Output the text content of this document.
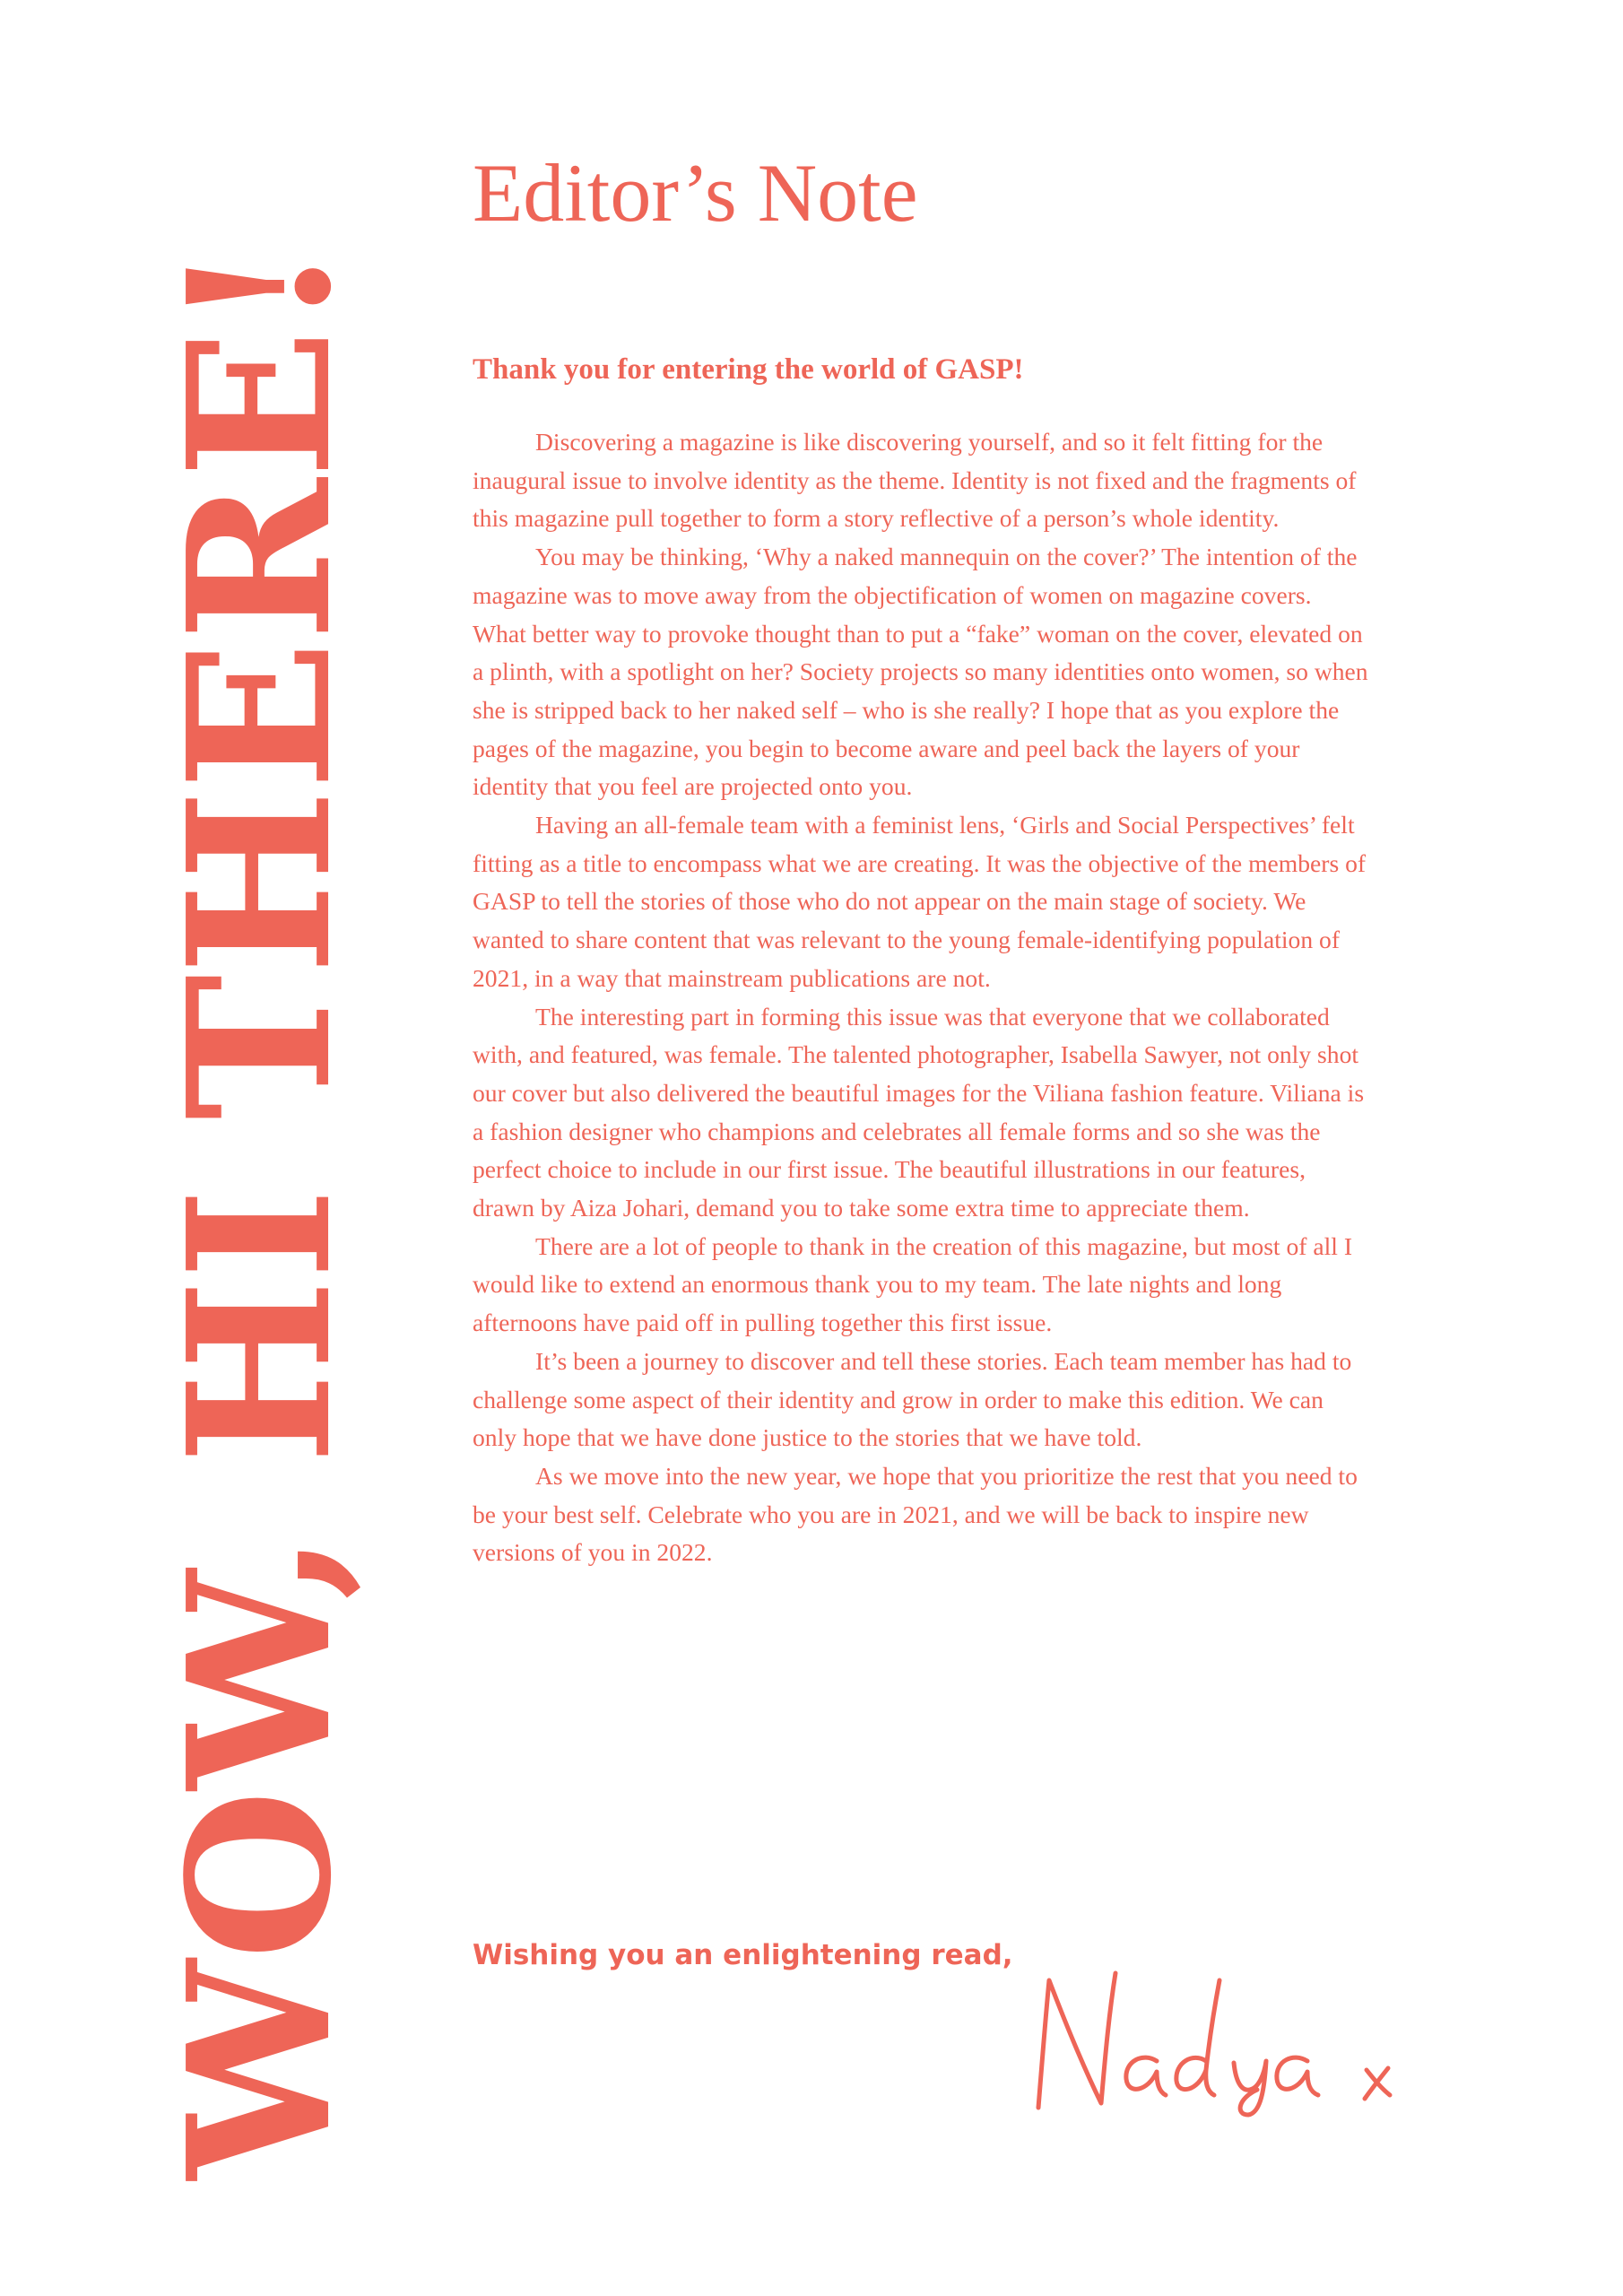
WOW, HI THERE!
Editor’s Note

Thank you for entering the world of GASP!

Discovering a magazine is like discovering yourself, and so it felt fitting for the inaugural issue to involve identity as the theme. Identity is not fixed and the fragments of this magazine pull together to form a story reflective of a person’s whole identity.

You may be thinking, ‘Why a naked mannequin on the cover?’ The intention of the magazine was to move away from the objectification of women on magazine covers. What better way to provoke thought than to put a “fake” woman on the cover, elevated on a plinth, with a spotlight on her? Society projects so many identities onto women, so when she is stripped back to her naked self – who is she really? I hope that as you explore the pages of the magazine, you begin to become aware and peel back the layers of your identity that you feel are projected onto you.

Having an all-female team with a feminist lens, ‘Girls and Social Perspectives’ felt fitting as a title to encompass what we are creating. It was the objective of the members of GASP to tell the stories of those who do not appear on the main stage of society. We wanted to share content that was relevant to the young female-identifying population of 2021, in a way that mainstream publications are not.

The interesting part in forming this issue was that everyone that we collaborated with, and featured, was female. The talented photographer, Isabella Sawyer, not only shot our cover but also delivered the beautiful images for the Viliana fashion feature. Viliana is a fashion designer who champions and celebrates all female forms and so she was the perfect choice to include in our first issue. The beautiful illustrations in our features, drawn by Aiza Johari, demand you to take some extra time to appreciate them.

There are a lot of people to thank in the creation of this magazine, but most of all I would like to extend an enormous thank you to my team. The late nights and long afternoons have paid off in pulling together this first issue.

It’s been a journey to discover and tell these stories. Each team member has had to challenge some aspect of their identity and grow in order to make this edition. We can only hope that we have done justice to the stories that we have told.

As we move into the new year, we hope that you prioritize the rest that you need to be your best self. Celebrate who you are in 2021, and we will be back to inspire new versions of you in 2022.

Wishing you an enlightening read,
